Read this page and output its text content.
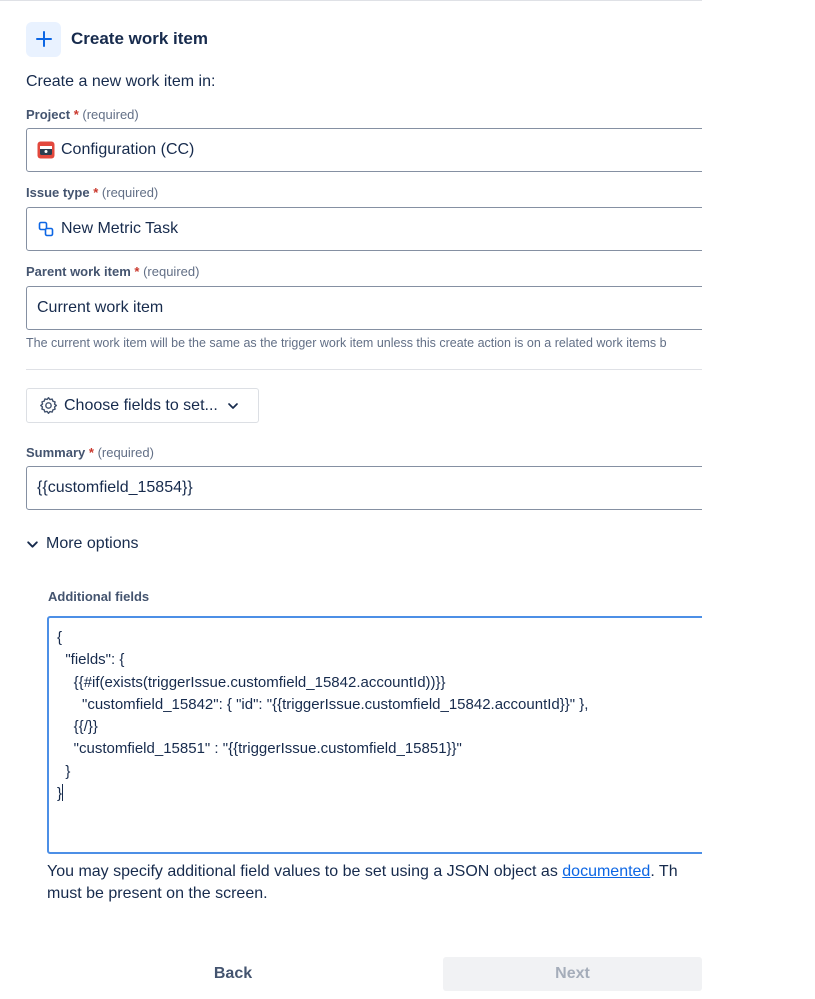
Create work item
Create a new work item in:
Project * (required)
Configuration (CC)
Issue type * (required)
New Metric Task
Parent work item * (required)
Current work item
The current work item will be the same as the trigger work item unless this create action is on a related work items b
Choose fields to set...
Summary * (required)
{{customfield_15854}}
More options
Additional fields
{
"fields": {
{{#if(exists(triggerIssue.customfield_15842.accountId))}}
"customfield_15842": { "id": "{{triggerIssue.customfield_15842.accountId}}" },
{{/}}
"customfield_15851" : "{{triggerIssue.customfield_15851}}"
}
}
You may specify additional field values to be set using a JSON object as documented. Th
must be present on the screen.
Back	Next
